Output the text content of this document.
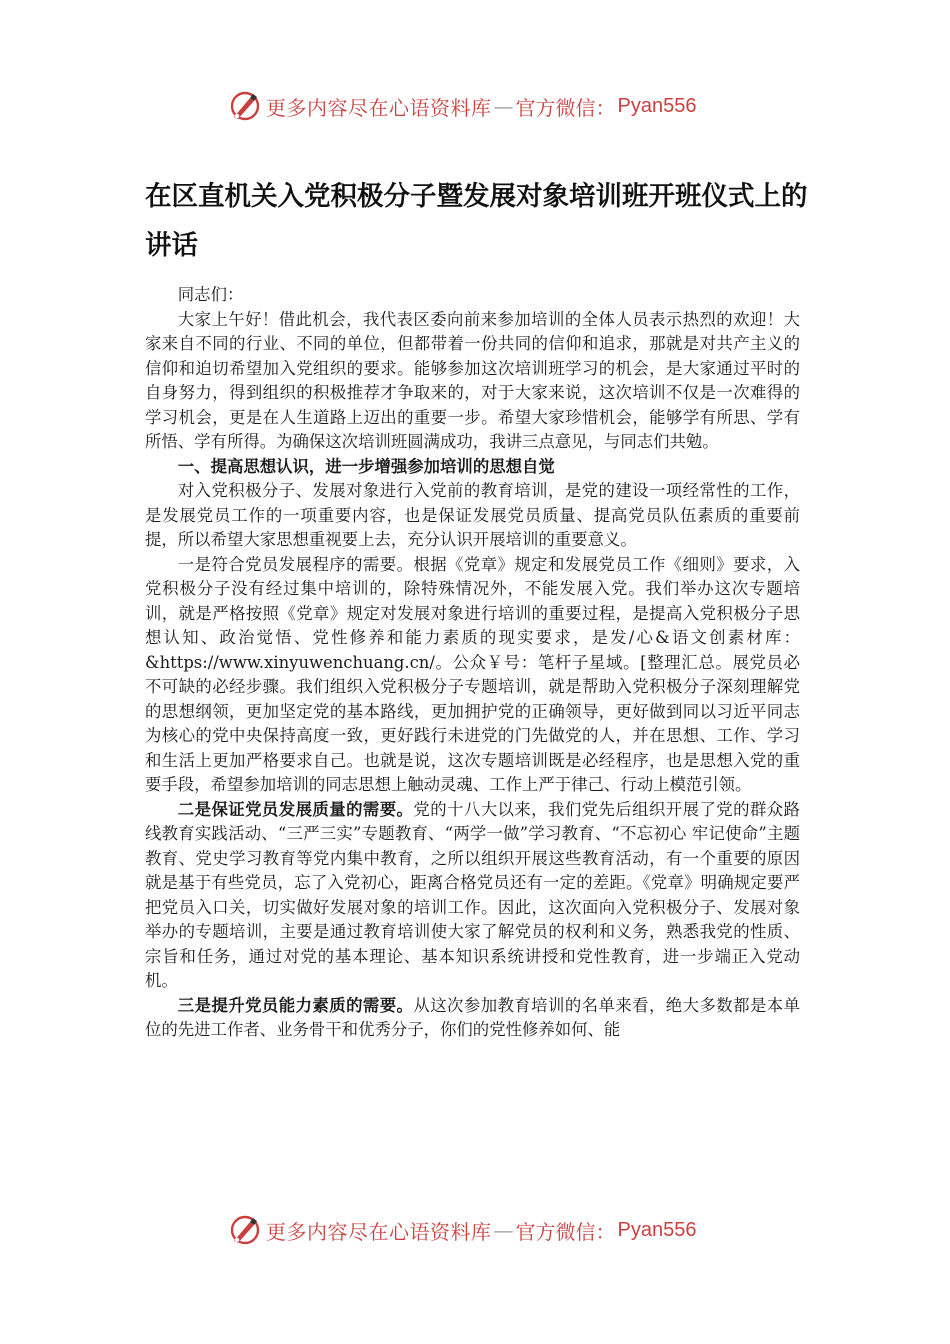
更多内容尽在心语资料库 — 官方微信： Pyan556
在区直机关入党积极分子暨发展对象培训班开班仪式上的讲话

同志们：

大家上午好！借此机会，我代表区委向前来参加培训的全体人员表示热烈的欢迎！大家来自不同的行业、不同的单位，但都带着一份共同的信仰和追求，那就是对共产主义的信仰和迫切希望加入党组织的要求。能够参加这次培训班学习的机会，是大家通过平时的自身努力，得到组织的积极推荐才争取来的，对于大家来说，这次培训不仅是一次难得的学习机会，更是在人生道路上迈出的重要一步。希望大家珍惜机会，能够学有所思、学有所悟、学有所得。为确保这次培训班圆满成功，我讲三点意见，与同志们共勉。

一、提高思想认识，进一步增强参加培训的思想自觉

对入党积极分子、发展对象进行入党前的教育培训，是党的建设一项经常性的工作，是发展党员工作的一项重要内容，也是保证发展党员质量、提高党员队伍素质的重要前提，所以希望大家思想重视要上去，充分认识开展培训的重要意义。

一是符合党员发展程序的需要。根据《党章》规定和发展党员工作《细则》要求，入党积极分子没有经过集中培训的，除特殊情况外，不能发展入党。我们举办这次专题培训，就是严格按照《党章》规定对发展对象进行培训的重要过程，是提高入党积极分子思想认知、政治觉悟、党性修养和能力素质的现实要求，是发/心&语文创素材库：&https://www.xinyuwenchuang.cn/。公众￥号：笔杆子星域。[整理汇总。展党员必不可缺的必经步骤。我们组织入党积极分子专题培训，就是帮助入党积极分子深刻理解党的思想纲领，更加坚定党的基本路线，更加拥护党的正确领导，更好做到同以习近平同志为核心的党中央保持高度一致，更好践行未进党的门先做党的人，并在思想、工作、学习和生活上更加严格要求自己。也就是说，这次专题培训既是必经程序，也是思想入党的重要手段，希望参加培训的同志思想上触动灵魂、工作上严于律己、行动上模范引领。

二是保证党员发展质量的需要。党的十八大以来，我们党先后组织开展了党的群众路线教育实践活动、“三严三实”专题教育、“两学一做”学习教育、“不忘初心 牢记使命”主题教育、党史学习教育等党内集中教育，之所以组织开展这些教育活动，有一个重要的原因就是基于有些党员，忘了入党初心，距离合格党员还有一定的差距。《党章》明确规定要严把党员入口关，切实做好发展对象的培训工作。因此，这次面向入党积极分子、发展对象举办的专题培训，主要是通过教育培训使大家了解党员的权利和义务，熟悉我党的性质、宗旨和任务，通过对党的基本理论、基本知识系统讲授和党性教育，进一步端正入党动机。

三是提升党员能力素质的需要。从这次参加教育培训的名单来看，绝大多数都是本单位的先进工作者、业务骨干和优秀分子，你们的党性修养如何、能

更多内容尽在心语资料库 — 官方微信： Pyan556
